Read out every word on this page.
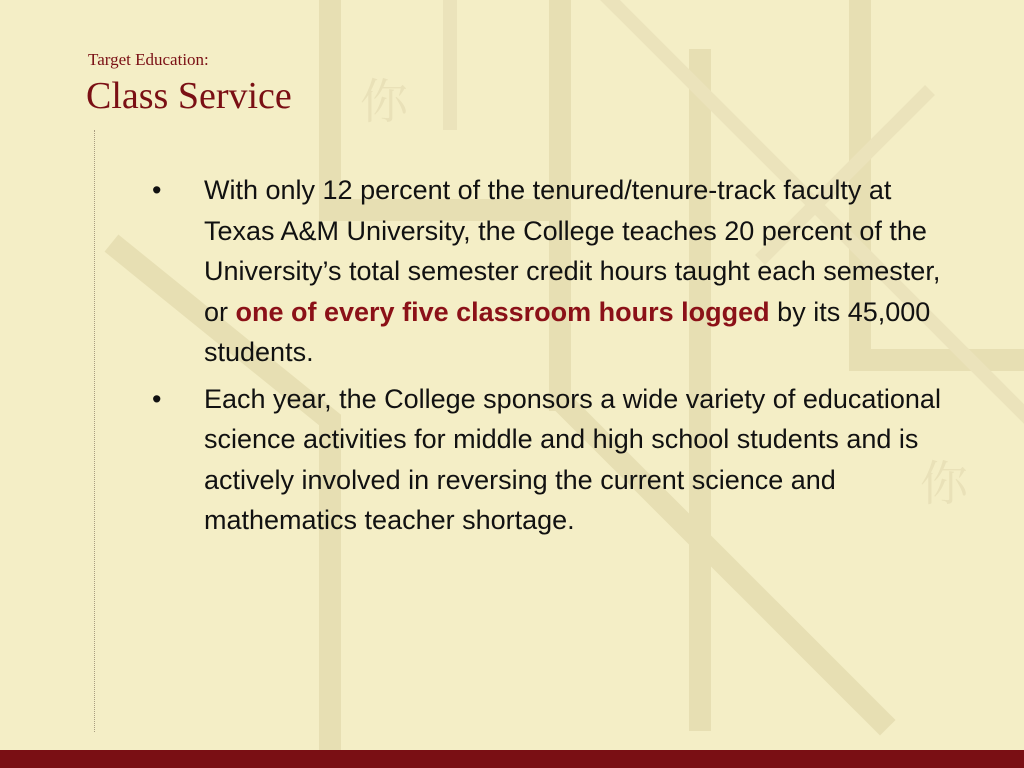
你
你
Target Education:
Class Service
• With only 12 percent of the tenured/tenure-track faculty at Texas A&M University, the College teaches 20 percent of the University’s total semester credit hours taught each semester, or one of every five classroom hours logged by its 45,000 students.
• Each year, the College sponsors a wide variety of educational science activities for middle and high school students and is actively involved in reversing the current science and mathematics teacher shortage.
